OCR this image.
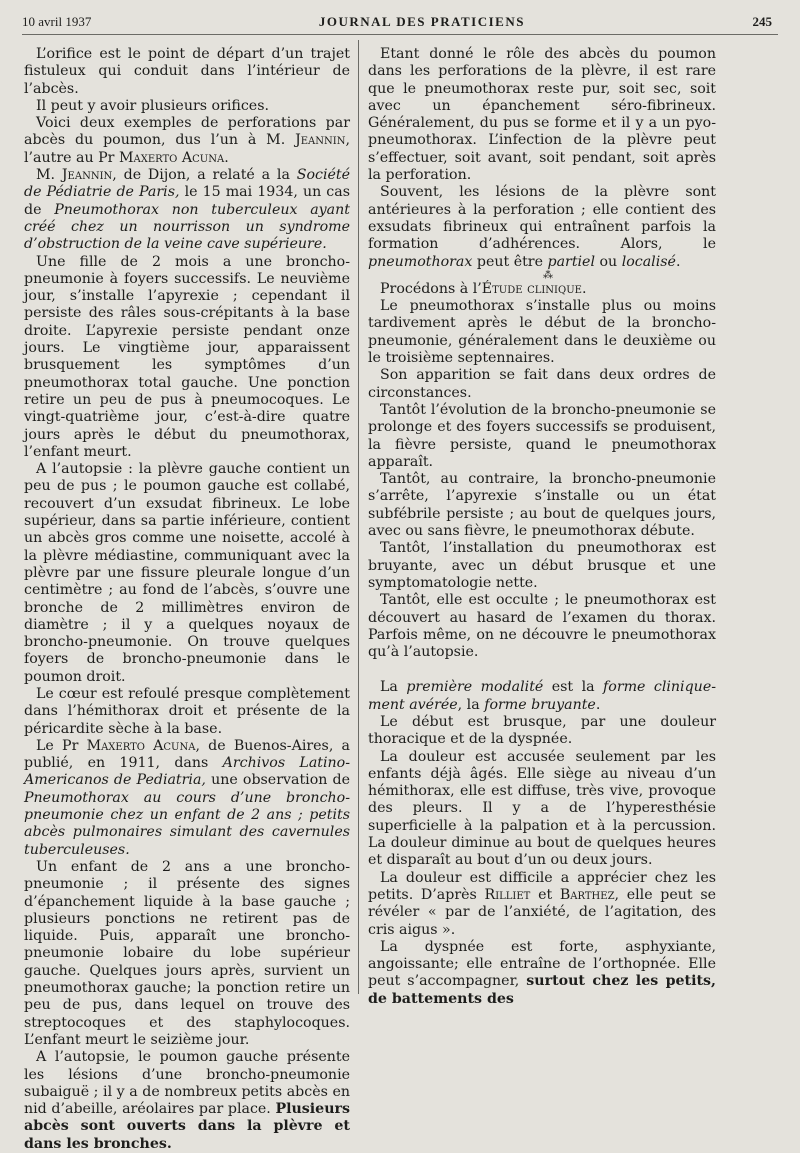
10 avril 1937	JOURNAL DES PRATICIENS	245

L’orifice est le point de départ d’un trajet fistuleux qui conduit dans l’intérieur de l’abcès.

Il peut y avoir plusieurs orifices.

Voici deux exemples de perforations par abcès du poumon, dus l’un à M. Jeannin, l’autre au Pr Maxerto Acuna.

M. Jeannin, de Dijon, a relaté a la Société de Pédiatrie de Paris, le 15 mai 1934, un cas de Pneumothorax non tuberculeux ayant créé chez un nourrisson un syndrome d’obstruction de la veine cave supérieure.

Une fille de 2 mois a une broncho-pneumonie à foyers successifs. Le neuvième jour, s’installe l’apyrexie ; cependant il persiste des râles sous-crépitants à la base droite. L’apyrexie persiste pendant onze jours. Le vingtième jour, apparaissent brusquement les symptômes d’un pneumothorax total gauche. Une ponction retire un peu de pus à pneumocoques. Le vingt-quatrième jour, c’est-à-dire quatre jours après le début du pneumothorax, l’enfant meurt.

A l’autopsie : la plèvre gauche contient un peu de pus ; le poumon gauche est collabé, recouvert d’un exsudat fibrineux. Le lobe supérieur, dans sa partie inférieure, contient un abcès gros comme une noisette, accolé à la plèvre médiastine, communiquant avec la plèvre par une fissure pleurale longue d’un centimètre ; au fond de l’abcès, s’ouvre une bronche de 2 millimètres environ de diamètre ; il y a quelques noyaux de broncho-pneumonie. On trouve quelques foyers de broncho-pneumonie dans le poumon droit.

Le cœur est refoulé presque complètement dans l’hémithorax droit et présente de la péricardite sèche à la base.

Le Pr Maxerto Acuna, de Buenos-Aires, a publié, en 1911, dans Archivos Latino-Americanos de Pediatria, une observation de Pneumothorax au cours d’une broncho-pneumonie chez un enfant de 2 ans ; petits abcès pulmonaires simulant des cavernules tuberculeuses.

Un enfant de 2 ans a une broncho-pneumonie ; il présente des signes d’épanchement liquide à la base gauche ; plusieurs ponctions ne retirent pas de liquide. Puis, apparaît une broncho-pneumonie lobaire du lobe supérieur gauche. Quelques jours après, survient un pneumothorax gauche; la ponction retire un peu de pus, dans lequel on trouve des streptocoques et des staphylocoques. L’enfant meurt le seizième jour.

A l’autopsie, le poumon gauche présente les lésions d’une broncho-pneumonie subaiguë ; il y a de nombreux petits abcès en nid d’abeille, aréolaires par place. Plusieurs abcès sont ouverts dans la plèvre et dans les bronches.

Etant donné le rôle des abcès du poumon dans les perforations de la plèvre, il est rare que le pneumothorax reste pur, soit sec, soit avec un épanchement séro-fibrineux. Généralement, du pus se forme et il y a un pyo-pneumothorax. L’infection de la plèvre peut s’effectuer, soit avant, soit pendant, soit après la perforation.

Souvent, les lésions de la plèvre sont antérieures à la perforation ; elle contient des exsudats fibrineux qui entraînent parfois la formation d’adhérences. Alors, le pneumothorax peut être partiel ou localisé.

⁂

Procédons à l’Étude clinique.

Le pneumothorax s’installe plus ou moins tardivement après le début de la broncho-pneumonie, généralement dans le deuxième ou le troisième septennaires.

Son apparition se fait dans deux ordres de circonstances.

Tantôt l’évolution de la broncho-pneumonie se prolonge et des foyers successifs se produisent, la fièvre persiste, quand le pneumothorax apparaît.

Tantôt, au contraire, la broncho-pneumonie s’arrête, l’apyrexie s’installe ou un état subfébrile persiste ; au bout de quelques jours, avec ou sans fièvre, le pneumothorax débute.

Tantôt, l’installation du pneumothorax est bruyante, avec un début brusque et une symptomatologie nette.

Tantôt, elle est occulte ; le pneumothorax est découvert au hasard de l’examen du thorax. Parfois même, on ne découvre le pneumothorax qu’à l’autopsie.

La première modalité est la forme clinique-ment avérée, la forme bruyante.

Le début est brusque, par une douleur thoracique et de la dyspnée.

La douleur est accusée seulement par les enfants déjà âgés. Elle siège au niveau d’un hémithorax, elle est diffuse, très vive, provoque des pleurs. Il y a de l’hyperesthésie superficielle à la palpation et à la percussion. La douleur diminue au bout de quelques heures et disparaît au bout d’un ou deux jours.

La douleur est difficile a apprécier chez les petits. D’après Rilliet et Barthez, elle peut se révéler « par de l’anxiété, de l’agitation, des cris aigus ».

La dyspnée est forte, asphyxiante, angoissante; elle entraîne de l’orthopnée. Elle peut s’accompagner, surtout chez les petits, de battements des
